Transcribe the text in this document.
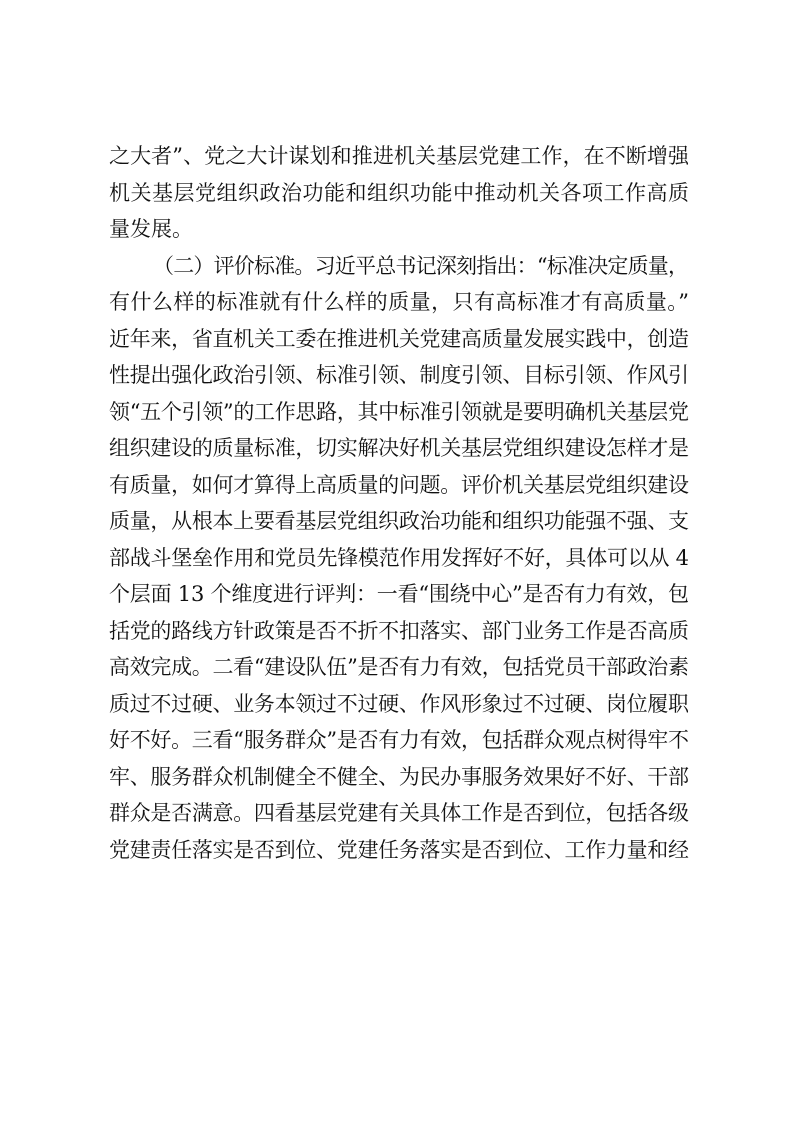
之大者”、党之大计谋划和推进机关基层党建工作，在不断增强
机关基层党组织政治功能和组织功能中推动机关各项工作高质
量发展。
（二）评价标准。习近平总书记深刻指出：“标准决定质量，
有什么样的标准就有什么样的质量，只有高标准才有高质量。”
近年来，省直机关工委在推进机关党建高质量发展实践中，创造
性提出强化政治引领、标准引领、制度引领、目标引领、作风引
领“五个引领”的工作思路，其中标准引领就是要明确机关基层党
组织建设的质量标准，切实解决好机关基层党组织建设怎样才是
有质量，如何才算得上高质量的问题。评价机关基层党组织建设
质量，从根本上要看基层党组织政治功能和组织功能强不强、支
部战斗堡垒作用和党员先锋模范作用发挥好不好，具体可以从 4
个层面 13 个维度进行评判：一看“围绕中心”是否有力有效，包
括党的路线方针政策是否不折不扣落实、部门业务工作是否高质
高效完成。二看“建设队伍”是否有力有效，包括党员干部政治素
质过不过硬、业务本领过不过硬、作风形象过不过硬、岗位履职
好不好。三看“服务群众”是否有力有效，包括群众观点树得牢不
牢、服务群众机制健全不健全、为民办事服务效果好不好、干部
群众是否满意。四看基层党建有关具体工作是否到位，包括各级
党建责任落实是否到位、党建任务落实是否到位、工作力量和经
